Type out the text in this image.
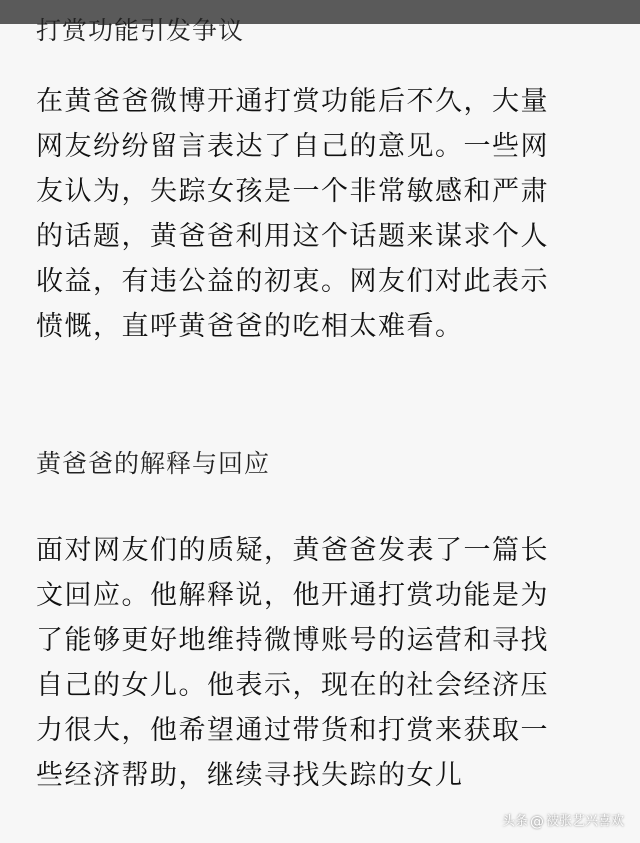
打赏功能引发争议
在黄爸爸微博开通打赏功能后不久，大量
网友纷纷留言表达了自己的意见。一些网
友认为，失踪女孩是一个非常敏感和严肃
的话题，黄爸爸利用这个话题来谋求个人
收益，有违公益的初衷。网友们对此表示
愤慨，直呼黄爸爸的吃相太难看。
黄爸爸的解释与回应
面对网友们的质疑，黄爸爸发表了一篇长
文回应。他解释说，他开通打赏功能是为
了能够更好地维持微博账号的运营和寻找
自己的女儿。他表示，现在的社会经济压
力很大，他希望通过带货和打赏来获取一
些经济帮助，继续寻找失踪的女儿
头条 @ 被张艺兴喜欢
